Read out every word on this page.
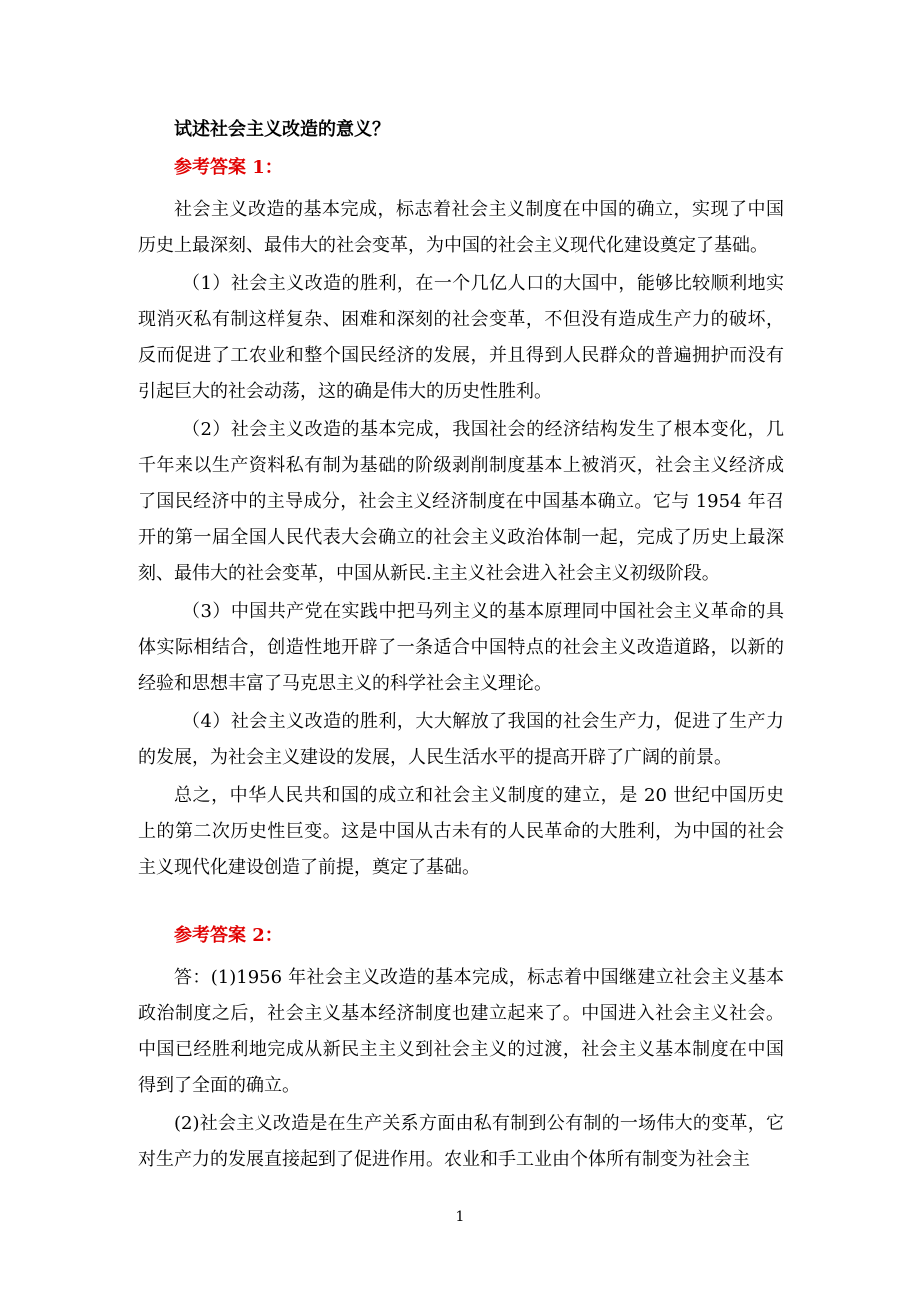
试述社会主义改造的意义？
参考答案 1：

社会主义改造的基本完成，标志着社会主义制度在中国的确立，实现了中国历史上最深刻、最伟大的社会变革，为中国的社会主义现代化建设奠定了基础。

（1）社会主义改造的胜利，在一个几亿人口的大国中，能够比较顺利地实现消灭私有制这样复杂、困难和深刻的社会变革，不但没有造成生产力的破坏，反而促进了工农业和整个国民经济的发展，并且得到人民群众的普遍拥护而没有引起巨大的社会动荡，这的确是伟大的历史性胜利。

（2）社会主义改造的基本完成，我国社会的经济结构发生了根本变化，几千年来以生产资料私有制为基础的阶级剥削制度基本上被消灭，社会主义经济成了国民经济中的主导成分，社会主义经济制度在中国基本确立。它与 1954 年召开的第一届全国人民代表大会确立的社会主义政治体制一起，完成了历史上最深刻、最伟大的社会变革，中国从新民.主主义社会进入社会主义初级阶段。

（3）中国共产党在实践中把马列主义的基本原理同中国社会主义革命的具体实际相结合，创造性地开辟了一条适合中国特点的社会主义改造道路，以新的经验和思想丰富了马克思主义的科学社会主义理论。

（4）社会主义改造的胜利，大大解放了我国的社会生产力，促进了生产力的发展，为社会主义建设的发展，人民生活水平的提高开辟了广阔的前景。

总之，中华人民共和国的成立和社会主义制度的建立，是 20 世纪中国历史上的第二次历史性巨变。这是中国从古未有的人民革命的大胜利，为中国的社会主义现代化建设创造了前提，奠定了基础。

参考答案 2：

答：(1)1956 年社会主义改造的基本完成，标志着中国继建立社会主义基本政治制度之后，社会主义基本经济制度也建立起来了。中国进入社会主义社会。中国已经胜利地完成从新民主主义到社会主义的过渡，社会主义基本制度在中国得到了全面的确立。

(2)社会主义改造是在生产关系方面由私有制到公有制的一场伟大的变革，它对生产力的发展直接起到了促进作用。农业和手工业由个体所有制变为社会主

1
